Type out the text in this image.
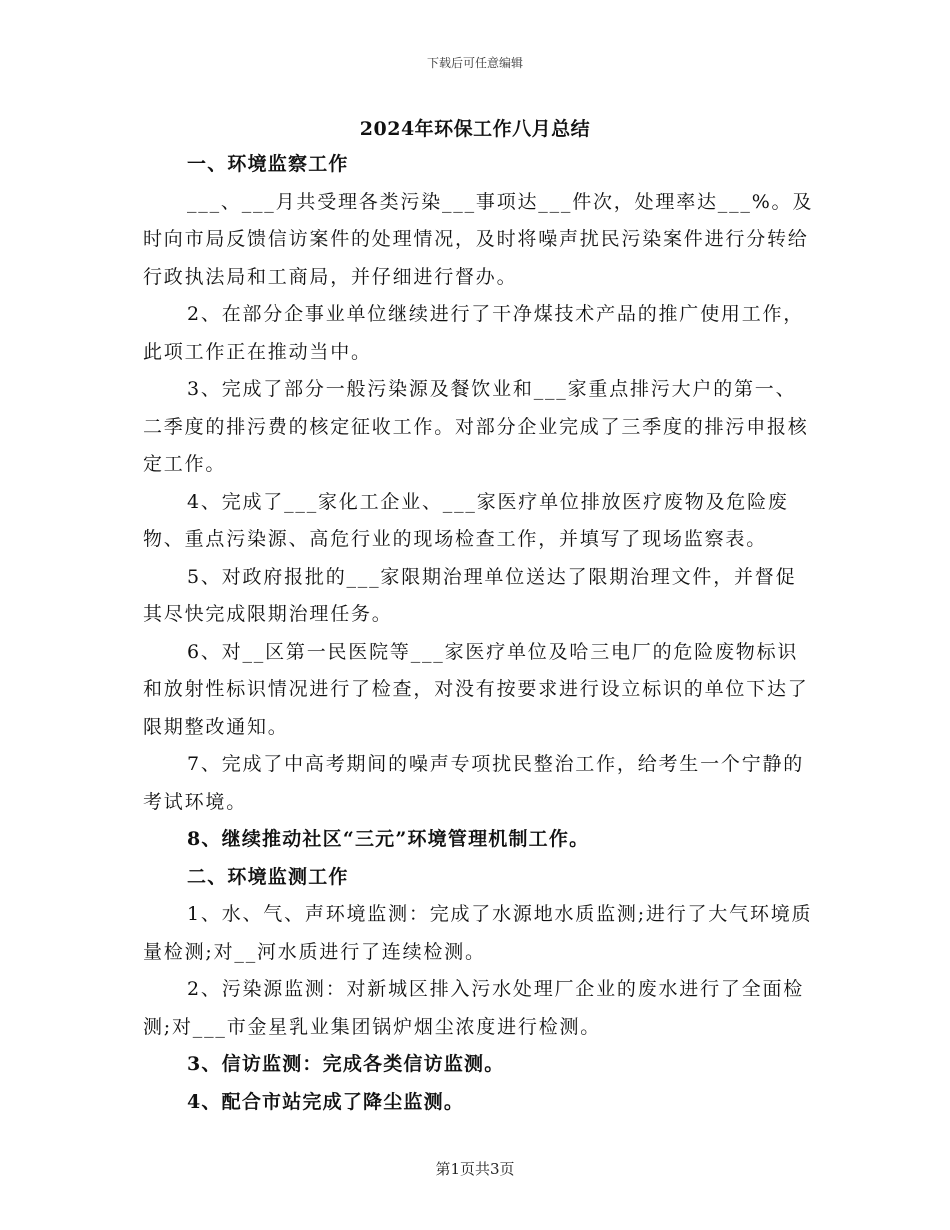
下载后可任意编辑
2024年环保工作八月总结

一、环境监察工作

___、___月共受理各类污染___事项达___件次，处理率达___%。及时向市局反馈信访案件的处理情况，及时将噪声扰民污染案件进行分转给行政执法局和工商局，并仔细进行督办。

2、在部分企事业单位继续进行了干净煤技术产品的推广使用工作，此项工作正在推动当中。

3、完成了部分一般污染源及餐饮业和___家重点排污大户的第一、二季度的排污费的核定征收工作。对部分企业完成了三季度的排污申报核定工作。

4、完成了___家化工企业、___家医疗单位排放医疗废物及危险废物、重点污染源、高危行业的现场检查工作，并填写了现场监察表。

5、对政府报批的___家限期治理单位送达了限期治理文件，并督促其尽快完成限期治理任务。

6、对__区第一民医院等___家医疗单位及哈三电厂的危险废物标识和放射性标识情况进行了检查，对没有按要求进行设立标识的单位下达了限期整改通知。

7、完成了中高考期间的噪声专项扰民整治工作，给考生一个宁静的考试环境。

8、继续推动社区“三元”环境管理机制工作。

二、环境监测工作

1、水、气、声环境监测：完成了水源地水质监测;进行了大气环境质量检测;对__河水质进行了连续检测。

2、污染源监测：对新城区排入污水处理厂企业的废水进行了全面检测;对___市金星乳业集团锅炉烟尘浓度进行检测。

3、信访监测：完成各类信访监测。

4、配合市站完成了降尘监测。

第1页共3页
